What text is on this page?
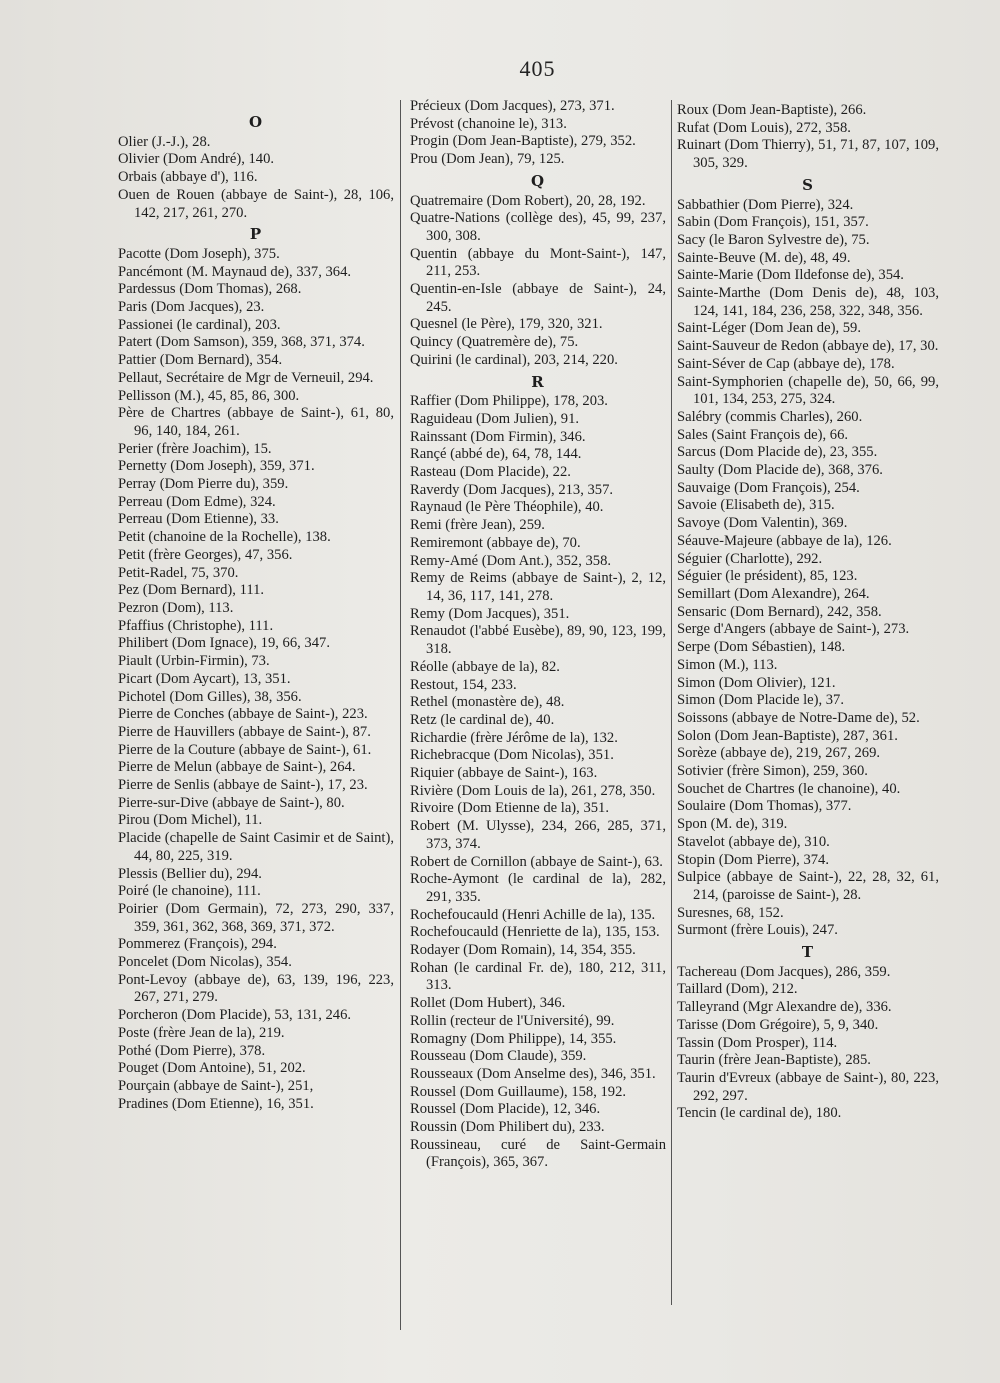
405
O

Olier (J.-J.), 28.

Olivier (Dom André), 140.

Orbais (abbaye d'), 116.

Ouen de Rouen (abbaye de Saint-), 28, 106, 142, 217, 261, 270.

P

Pacotte (Dom Joseph), 375.

Pancémont (M. Maynaud de), 337, 364.

Pardessus (Dom Thomas), 268.

Paris (Dom Jacques), 23.

Passionei (le cardinal), 203.

Patert (Dom Samson), 359, 368, 371, 374.

Pattier (Dom Bernard), 354.

Pellaut, Secrétaire de Mgr de Verneuil, 294.

Pellisson (M.), 45, 85, 86, 300.

Père de Chartres (abbaye de Saint-), 61, 80, 96, 140, 184, 261.

Perier (frère Joachim), 15.

Pernetty (Dom Joseph), 359, 371.

Perray (Dom Pierre du), 359.

Perreau (Dom Edme), 324.

Perreau (Dom Etienne), 33.

Petit (chanoine de la Rochelle), 138.

Petit (frère Georges), 47, 356.

Petit-Radel, 75, 370.

Pez (Dom Bernard), 111.

Pezron (Dom), 113.

Pfaffius (Christophe), 111.

Philibert (Dom Ignace), 19, 66, 347.

Piault (Urbin-Firmin), 73.

Picart (Dom Aycart), 13, 351.

Pichotel (Dom Gilles), 38, 356.

Pierre de Conches (abbaye de Saint-), 223.

Pierre de Hauvillers (abbaye de Saint-), 87.

Pierre de la Couture (abbaye de Saint-), 61.

Pierre de Melun (abbaye de Saint-), 264.

Pierre de Senlis (abbaye de Saint-), 17, 23.

Pierre-sur-Dive (abbaye de Saint-), 80.

Pirou (Dom Michel), 11.

Placide (chapelle de Saint Casimir et de Saint), 44, 80, 225, 319.

Plessis (Bellier du), 294.

Poiré (le chanoine), 111.

Poirier (Dom Germain), 72, 273, 290, 337, 359, 361, 362, 368, 369, 371, 372.

Pommerez (François), 294.

Poncelet (Dom Nicolas), 354.

Pont-Levoy (abbaye de), 63, 139, 196, 223, 267, 271, 279.

Porcheron (Dom Placide), 53, 131, 246.

Poste (frère Jean de la), 219.

Pothé (Dom Pierre), 378.

Pouget (Dom Antoine), 51, 202.

Pourçain (abbaye de Saint-), 251,

Pradines (Dom Etienne), 16, 351.

Précieux (Dom Jacques), 273, 371.

Prévost (chanoine le), 313.

Progin (Dom Jean-Baptiste), 279, 352.

Prou (Dom Jean), 79, 125.

Q

Quatremaire (Dom Robert), 20, 28, 192.

Quatre-Nations (collège des), 45, 99, 237, 300, 308.

Quentin (abbaye du Mont-Saint-), 147, 211, 253.

Quentin-en-Isle (abbaye de Saint-), 24, 245.

Quesnel (le Père), 179, 320, 321.

Quincy (Quatremère de), 75.

Quirini (le cardinal), 203, 214, 220.

R

Raffier (Dom Philippe), 178, 203.

Raguideau (Dom Julien), 91.

Rainssant (Dom Firmin), 346.

Rançé (abbé de), 64, 78, 144.

Rasteau (Dom Placide), 22.

Raverdy (Dom Jacques), 213, 357.

Raynaud (le Père Théophile), 40.

Remi (frère Jean), 259.

Remiremont (abbaye de), 70.

Remy-Amé (Dom Ant.), 352, 358.

Remy de Reims (abbaye de Saint-), 2, 12, 14, 36, 117, 141, 278.

Remy (Dom Jacques), 351.

Renaudot (l'abbé Eusèbe), 89, 90, 123, 199, 318.

Réolle (abbaye de la), 82.

Restout, 154, 233.

Rethel (monastère de), 48.

Retz (le cardinal de), 40.

Richardie (frère Jérôme de la), 132.

Richebracque (Dom Nicolas), 351.

Riquier (abbaye de Saint-), 163.

Rivière (Dom Louis de la), 261, 278, 350.

Rivoire (Dom Etienne de la), 351.

Robert (M. Ulysse), 234, 266, 285, 371, 373, 374.

Robert de Cornillon (abbaye de Saint-), 63.

Roche-Aymont (le cardinal de la), 282, 291, 335.

Rochefoucauld (Henri Achille de la), 135.

Rochefoucauld (Henriette de la), 135, 153.

Rodayer (Dom Romain), 14, 354, 355.

Rohan (le cardinal Fr. de), 180, 212, 311, 313.

Rollet (Dom Hubert), 346.

Rollin (recteur de l'Université), 99.

Romagny (Dom Philippe), 14, 355.

Rousseau (Dom Claude), 359.

Rousseaux (Dom Anselme des), 346, 351.

Roussel (Dom Guillaume), 158, 192.

Roussel (Dom Placide), 12, 346.

Roussin (Dom Philibert du), 233.

Roussineau, curé de Saint-Germain (François), 365, 367.

Roux (Dom Jean-Baptiste), 266.

Rufat (Dom Louis), 272, 358.

Ruinart (Dom Thierry), 51, 71, 87, 107, 109, 305, 329.

S

Sabbathier (Dom Pierre), 324.

Sabin (Dom François), 151, 357.

Sacy (le Baron Sylvestre de), 75.

Sainte-Beuve (M. de), 48, 49.

Sainte-Marie (Dom Ildefonse de), 354.

Sainte-Marthe (Dom Denis de), 48, 103, 124, 141, 184, 236, 258, 322, 348, 356.

Saint-Léger (Dom Jean de), 59.

Saint-Sauveur de Redon (abbaye de), 17, 30.

Saint-Séver de Cap (abbaye de), 178.

Saint-Symphorien (chapelle de), 50, 66, 99, 101, 134, 253, 275, 324.

Salébry (commis Charles), 260.

Sales (Saint François de), 66.

Sarcus (Dom Placide de), 23, 355.

Saulty (Dom Placide de), 368, 376.

Sauvaige (Dom François), 254.

Savoie (Elisabeth de), 315.

Savoye (Dom Valentin), 369.

Séauve-Majeure (abbaye de la), 126.

Séguier (Charlotte), 292.

Séguier (le président), 85, 123.

Semillart (Dom Alexandre), 264.

Sensaric (Dom Bernard), 242, 358.

Serge d'Angers (abbaye de Saint-), 273.

Serpe (Dom Sébastien), 148.

Simon (M.), 113.

Simon (Dom Olivier), 121.

Simon (Dom Placide le), 37.

Soissons (abbaye de Notre-Dame de), 52.

Solon (Dom Jean-Baptiste), 287, 361.

Sorèze (abbaye de), 219, 267, 269.

Sotivier (frère Simon), 259, 360.

Souchet de Chartres (le chanoine), 40.

Soulaire (Dom Thomas), 377.

Spon (M. de), 319.

Stavelot (abbaye de), 310.

Stopin (Dom Pierre), 374.

Sulpice (abbaye de Saint-), 22, 28, 32, 61, 214, (paroisse de Saint-), 28.

Suresnes, 68, 152.

Surmont (frère Louis), 247.

T

Tachereau (Dom Jacques), 286, 359.

Taillard (Dom), 212.

Talleyrand (Mgr Alexandre de), 336.

Tarisse (Dom Grégoire), 5, 9, 340.

Tassin (Dom Prosper), 114.

Taurin (frère Jean-Baptiste), 285.

Taurin d'Evreux (abbaye de Saint-), 80, 223, 292, 297.

Tencin (le cardinal de), 180.
